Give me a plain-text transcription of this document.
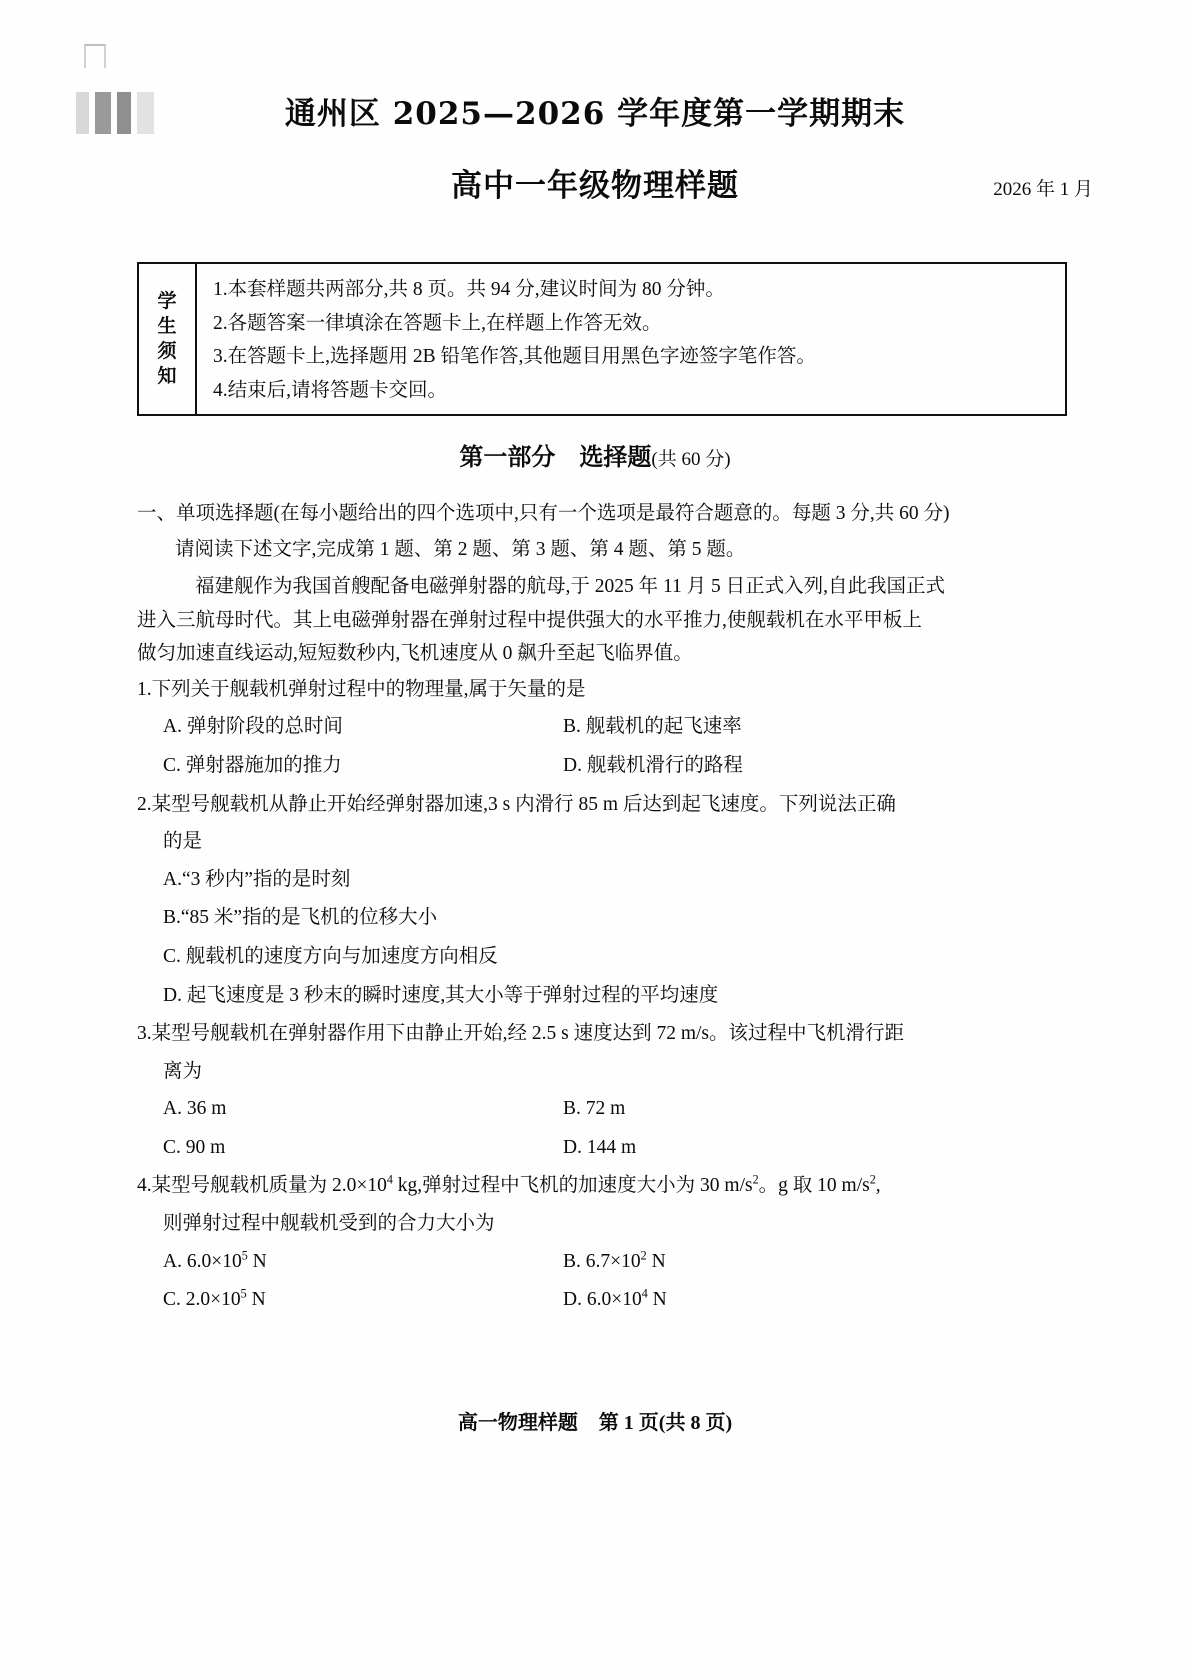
通州区 2025—2026 学年度第一学期期末
高中一年级物理样题	2026 年 1 月
学
生
须
知
1.本套样题共两部分,共 8 页。共 94 分,建议时间为 80 分钟。
2.各题答案一律填涂在答题卡上,在样题上作答无效。
3.在答题卡上,选择题用 2B 铅笔作答,其他题目用黑色字迹签字笔作答。
4.结束后,请将答题卡交回。
第一部分　选择题(共 60 分)
一、单项选择题(在每小题给出的四个选项中,只有一个选项是最符合题意的。每题 3 分,共 60 分)
请阅读下述文字,完成第 1 题、第 2 题、第 3 题、第 4 题、第 5 题。
福建舰作为我国首艘配备电磁弹射器的航母,于 2025 年 11 月 5 日正式入列,自此我国正式
进入三航母时代。其上电磁弹射器在弹射过程中提供强大的水平推力,使舰载机在水平甲板上
做匀加速直线运动,短短数秒内,飞机速度从 0 飙升至起飞临界值。
1.下列关于舰载机弹射过程中的物理量,属于矢量的是
A. 弹射阶段的总时间	B. 舰载机的起飞速率
C. 弹射器施加的推力	D. 舰载机滑行的路程
2.某型号舰载机从静止开始经弹射器加速,3 s 内滑行 85 m 后达到起飞速度。下列说法正确
的是
A.“3 秒内”指的是时刻
B.“85 米”指的是飞机的位移大小
C. 舰载机的速度方向与加速度方向相反
D. 起飞速度是 3 秒末的瞬时速度,其大小等于弹射过程的平均速度
3.某型号舰载机在弹射器作用下由静止开始,经 2.5 s 速度达到 72 m/s。该过程中飞机滑行距
离为
A. 36 m	B. 72 m
C. 90 m	D. 144 m
4.某型号舰载机质量为 $2.0\times 10^4$ kg,弹射过程中飞机的加速度大小为 30 $m/s^2$。g 取 10 $m/s^2$,
则弹射过程中舰载机受到的合力大小为
A. $6.0\times 10^5$ N	B. $6.7\times 10^2$ N
C. $2.0\times 10^5$ N	D. $6.0\times 10^4$ N
高一物理样题 第 1 页(共 8 页)
